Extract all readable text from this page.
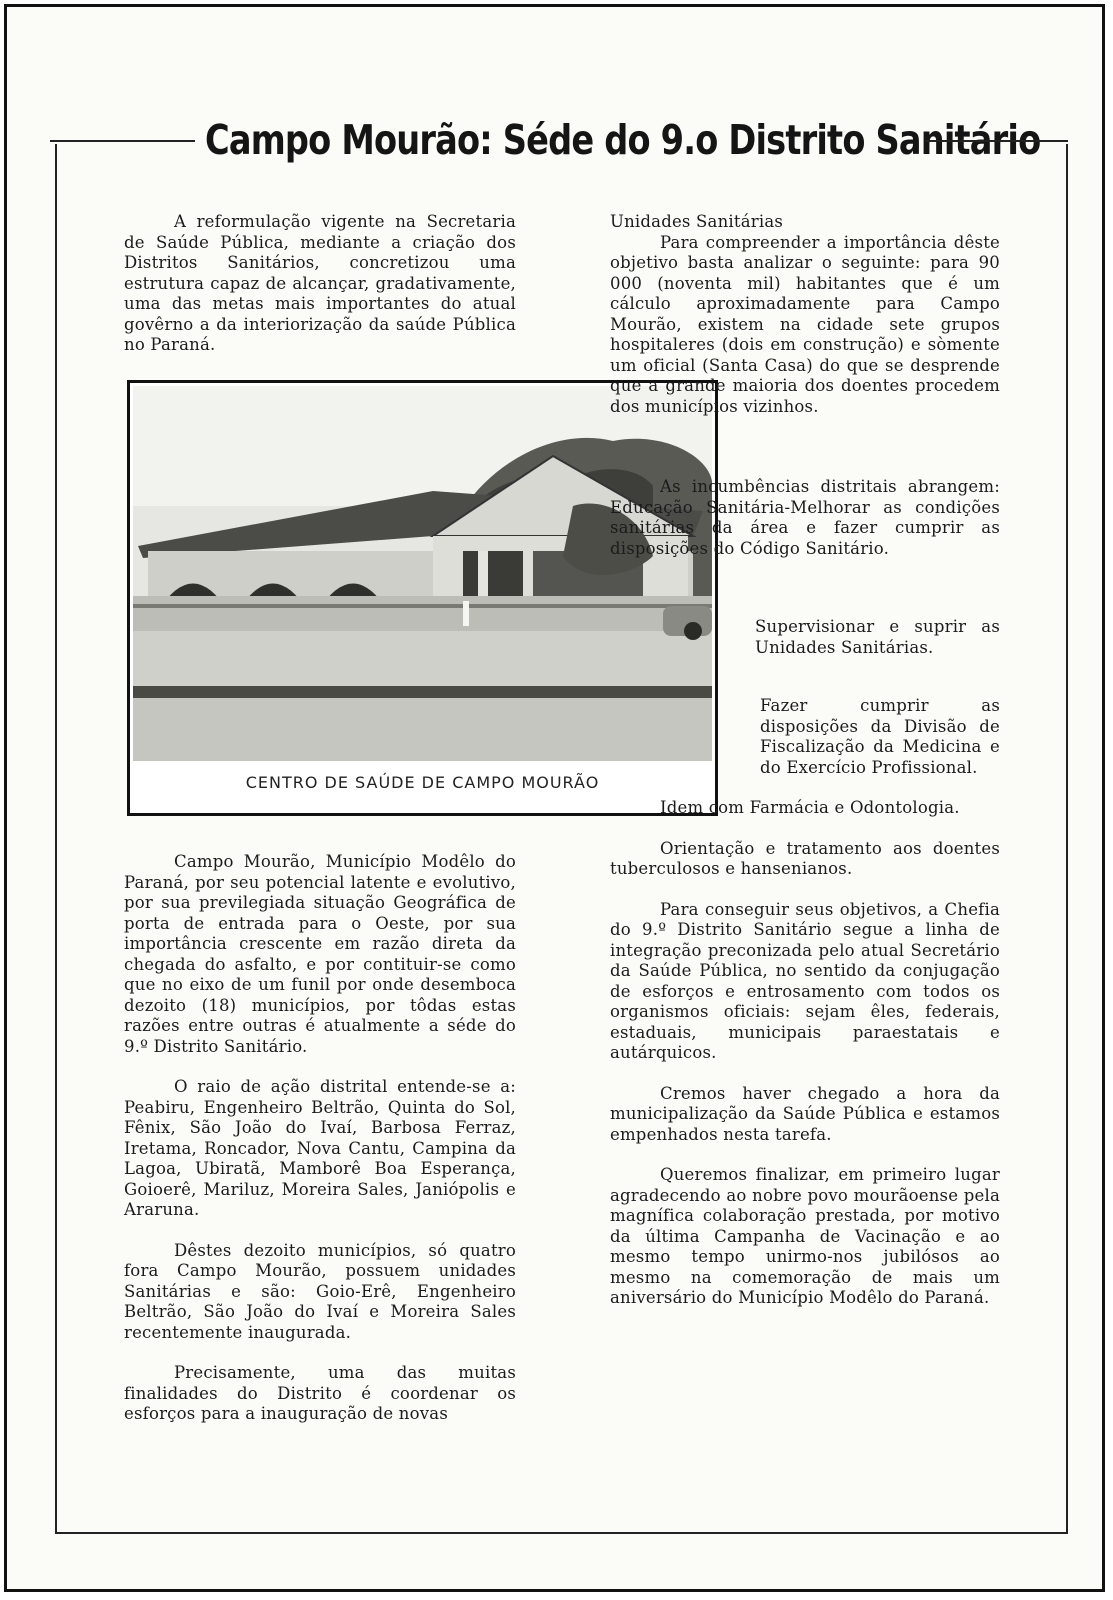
Campo Mourão: Séde do 9.o Distrito Sanitário

A reformulação vigente na Secretaria de Saúde Pública, mediante a criação dos Distritos Sanitários, concretizou uma estrutura capaz de alcançar, gradativamente, uma das metas mais importantes do atual govêrno a da interiorização da saúde Pública no Paraná.

CENTRO DE SAÚDE DE CAMPO MOURÃO

Campo Mourão, Município Modêlo do Paraná, por seu potencial latente e evolutivo, por sua previlegiada situação Geográfica de porta de entrada para o Oeste, por sua importância crescente em razão direta da chegada do asfalto, e por contituir-se como que no eixo de um funil por onde desemboca dezoito (18) municípios, por tôdas estas razões entre outras é atualmente a séde do 9.º Distrito Sanitário.

O raio de ação distrital entende-se a: Peabiru, Engenheiro Beltrão, Quinta do Sol, Fênix, São João do Ivaí, Barbosa Ferraz, Iretama, Roncador, Nova Cantu, Campina da Lagoa, Ubiratã, Mamborê Boa Esperança, Goioerê, Mariluz, Moreira Sales, Janiópolis e Araruna.

Dêstes dezoito municípios, só quatro fora Campo Mourão, possuem unidades Sanitárias e são: Goio-Erê, Engenheiro Beltrão, São João do Ivaí e Moreira Sales recentemente inaugurada.

Precisamente, uma das muitas finalidades do Distrito é coordenar os esforços para a inauguração de novas

Unidades Sanitárias

Para compreender a importância dêste objetivo basta analizar o seguinte: para 90 000 (noventa mil) habitantes que é um cálculo aproximadamente para Campo Mourão, existem na cidade sete grupos hospitaleres (dois em construção) e sòmente um oficial (Santa Casa) do que se desprende que a grande maioria dos doentes procedem dos municípios vizinhos.

As incumbências distritais abrangem: Educação Sanitária-Melhorar as condições sanitárias da área e fazer cumprir as disposições do Código Sanitário.

Supervisionar e suprir as Unidades Sanitárias.

Fazer cumprir as disposições da Divisão de Fiscalização da Medicina e do Exercício Profissional.

Idem com Farmácia e Odontologia.

Orientação e tratamento aos doentes tuberculosos e hansenianos.

Para conseguir seus objetivos, a Chefia do 9.º Distrito Sanitário segue a linha de integração preconizada pelo atual Secretário da Saúde Pública, no sentido da conjugação de esforços e entrosamento com todos os organismos oficiais: sejam êles, federais, estaduais, municipais paraestatais e autárquicos.

Cremos haver chegado a hora da municipalização da Saúde Pública e estamos empenhados nesta tarefa.

Queremos finalizar, em primeiro lugar agradecendo ao nobre povo mourãoense pela magnífica colaboração prestada, por motivo da última Campanha de Vacinação e ao mesmo tempo unirmo-nos jubilósos ao mesmo na comemoração de mais um aniversário do Município Modêlo do Paraná.
